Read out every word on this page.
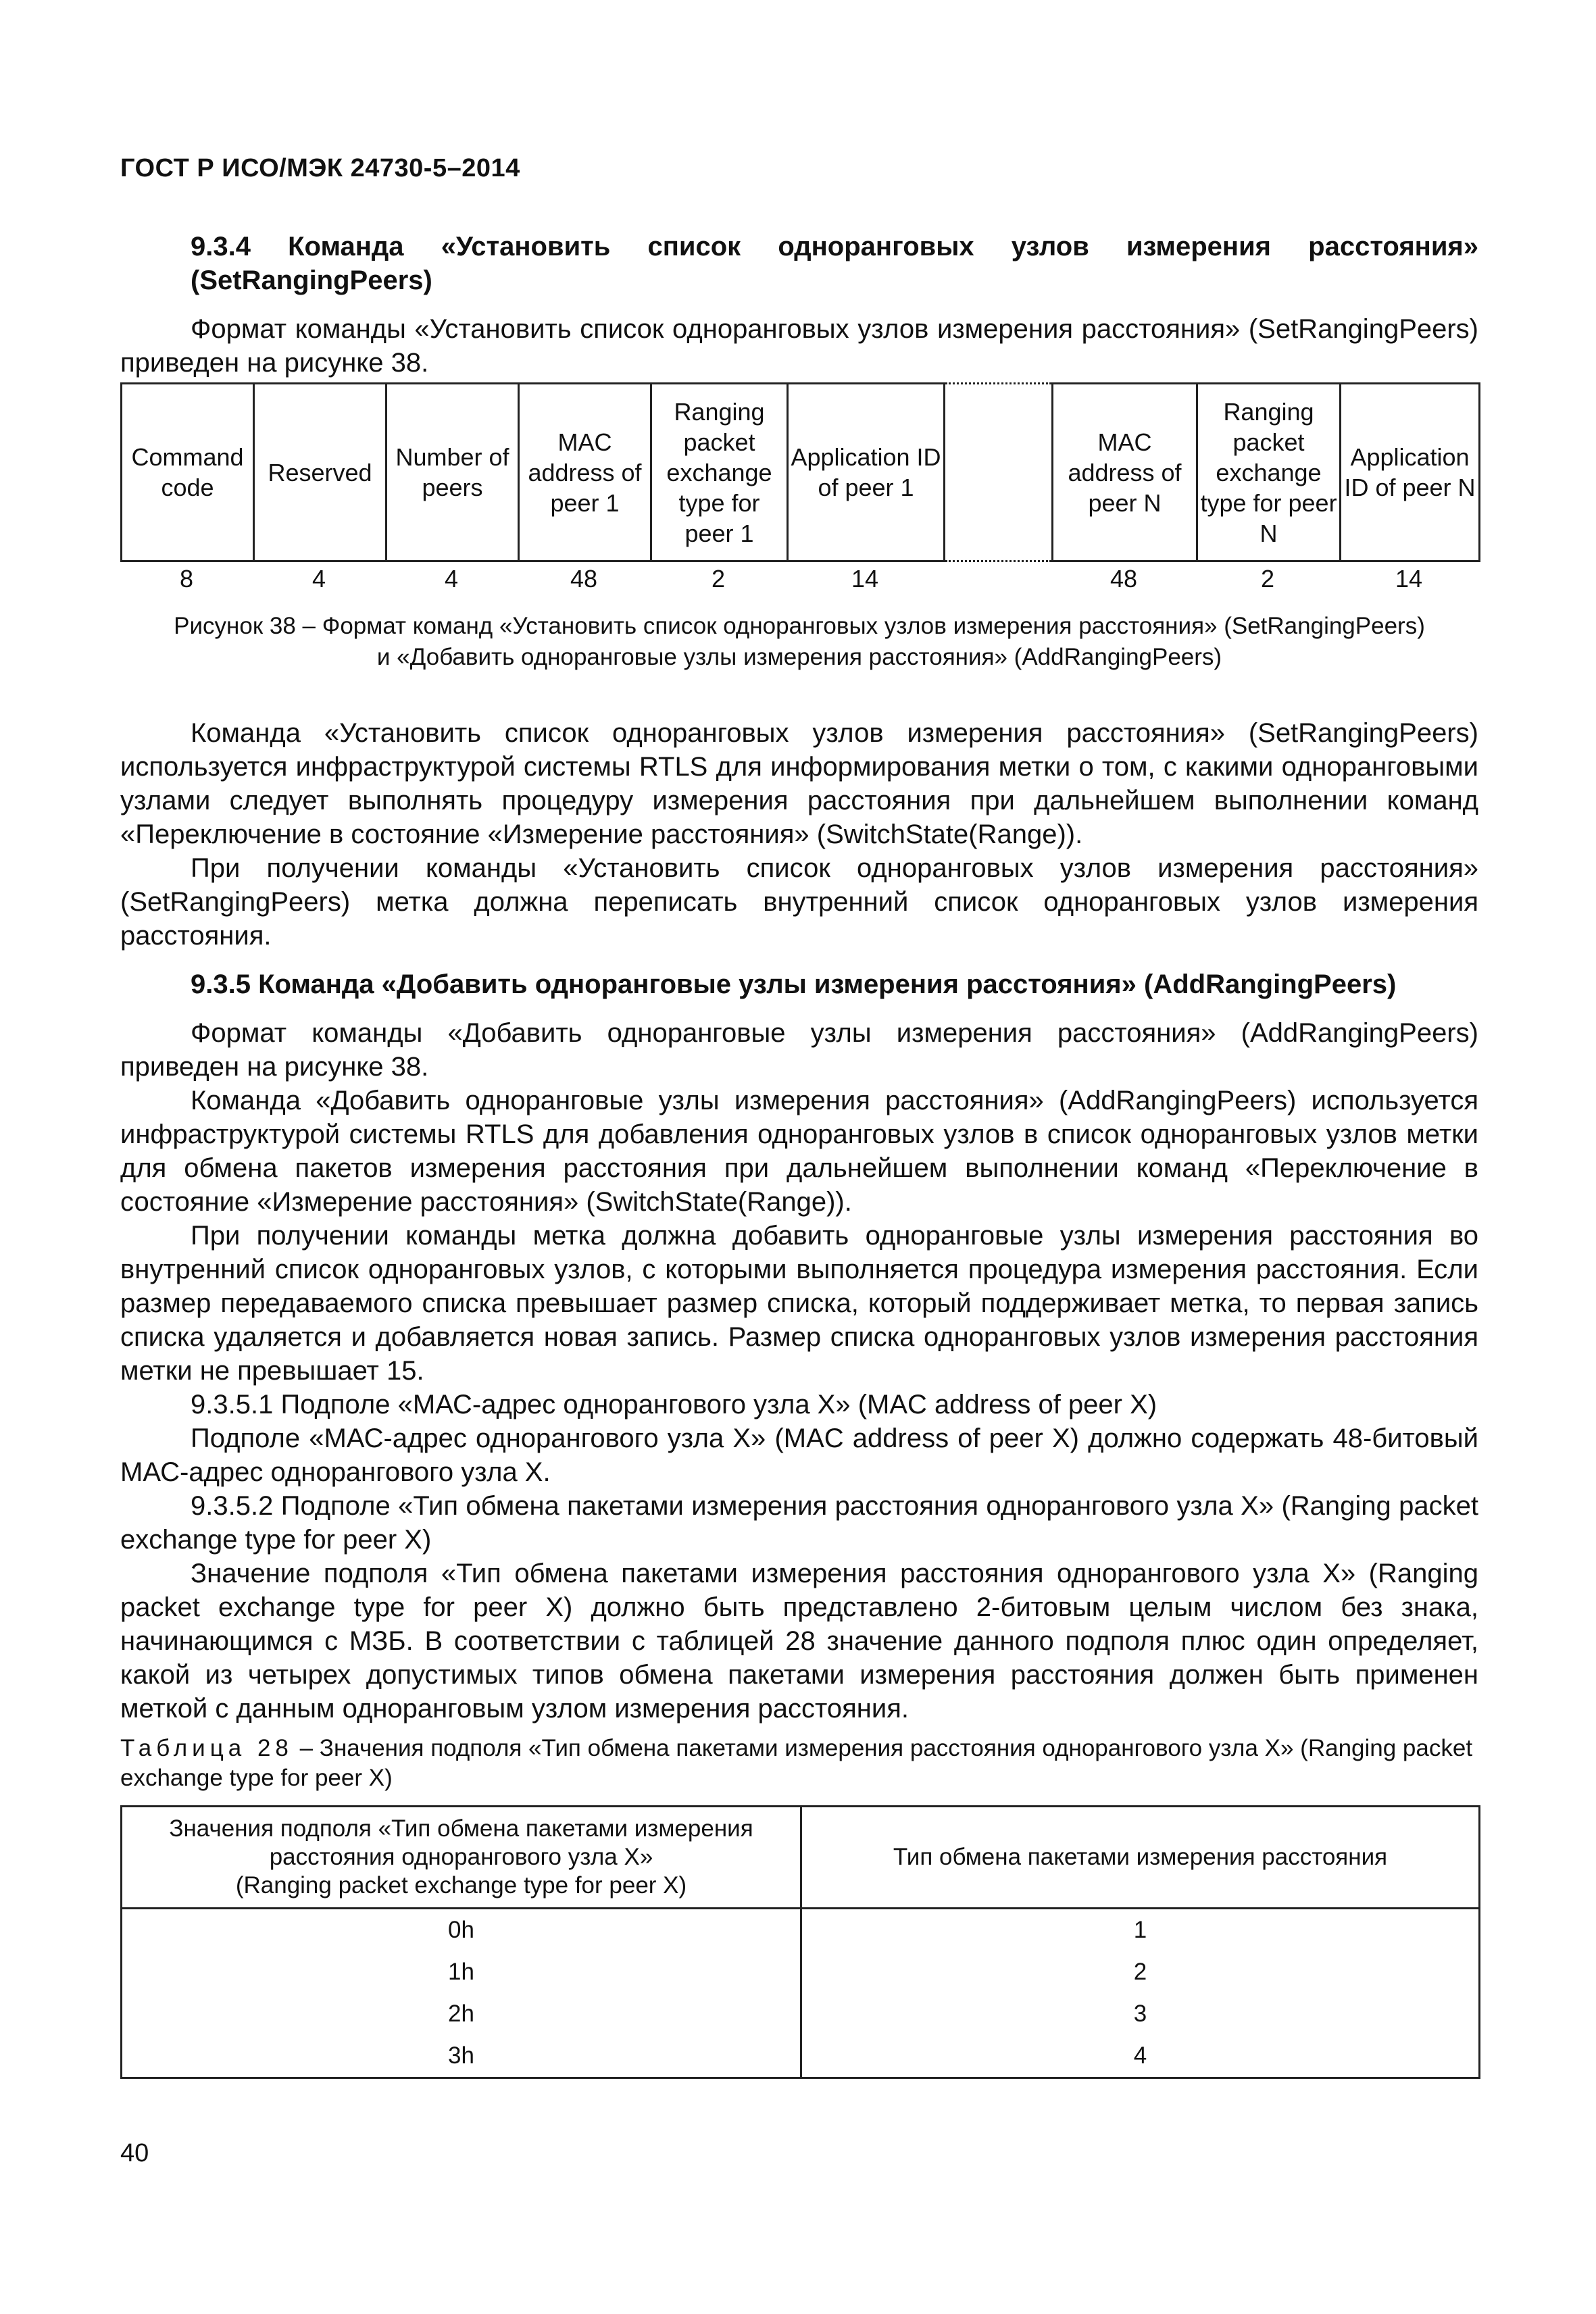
ГОСТ Р ИСО/МЭК 24730-5–2014

9.3.4 Команда «Установить список одноранговых узлов измерения расстояния» (SetRangingPeers)

Формат команды «Установить список одноранговых узлов измерения расстояния» (SetRangingPeers) приведен на рисунке 38.

Command code	Reserved	Number of peers	MAC address of peer 1	Ranging packet exchange type for peer 1	Application ID of peer 1		MAC address of peer N	Ranging packet exchange type for peer N	Application ID of peer N
8	4	4	48	2	14	48	2	14
Рисунок 38 – Формат команд «Установить список одноранговых узлов измерения расстояния» (SetRangingPeers)
и «Добавить одноранговые узлы измерения расстояния» (AddRangingPeers)

Команда «Установить список одноранговых узлов измерения расстояния» (SetRangingPeers) используется инфраструктурой системы RTLS для информирования метки о том, с какими одноранговыми узлами следует выполнять процедуру измерения расстояния при дальнейшем выполнении команд «Переключение в состояние «Измерение расстояния» (SwitchState(Range)).

При получении команды «Установить список одноранговых узлов измерения расстояния» (SetRangingPeers) метка должна переписать внутренний список одноранговых узлов измерения расстояния.

9.3.5 Команда «Добавить одноранговые узлы измерения расстояния» (AddRangingPeers)

Формат команды «Добавить одноранговые узлы измерения расстояния» (AddRangingPeers) приведен на рисунке 38.

Команда «Добавить одноранговые узлы измерения расстояния» (AddRangingPeers) используется инфраструктурой системы RTLS для добавления одноранговых узлов в список одноранговых узлов метки для обмена пакетов измерения расстояния при дальнейшем выполнении команд «Переключение в состояние «Измерение расстояния» (SwitchState(Range)).

При получении команды метка должна добавить одноранговые узлы измерения расстояния во внутренний список одноранговых узлов, с которыми выполняется процедура измерения расстояния. Если размер передаваемого списка превышает размер списка, который поддерживает метка, то первая запись списка удаляется и добавляется новая запись. Размер списка одноранговых узлов измерения расстояния метки не превышает 15.

9.3.5.1 Подполе «МАС-адрес однорангового узла X» (MAC address of peer X)

Подполе «МАС-адрес однорангового узла X» (MAC address of peer X) должно содержать 48-битовый МАС-адрес однорангового узла X.

9.3.5.2 Подполе «Тип обмена пакетами измерения расстояния однорангового узла X» (Ranging packet exchange type for peer X)

Значение подполя «Тип обмена пакетами измерения расстояния однорангового узла X» (Ranging packet exchange type for peer X) должно быть представлено 2-битовым целым числом без знака, начинающимся с МЗБ. В соответствии с таблицей 28 значение данного подполя плюс один определяет, какой из четырех допустимых типов обмена пакетами измерения расстояния должен быть применен меткой с данным одноранговым узлом измерения расстояния.

Таблица 28 – Значения подполя «Тип обмена пакетами измерения расстояния однорангового узла X» (Ranging packet exchange type for peer X)
Значения подполя «Тип обмена пакетами измерения
расстояния однорангового узла X»
(Ranging packet exchange type for peer X)	Тип обмена пакетами измерения расстояния
0h	1
1h	2
2h	3
3h	4
40
